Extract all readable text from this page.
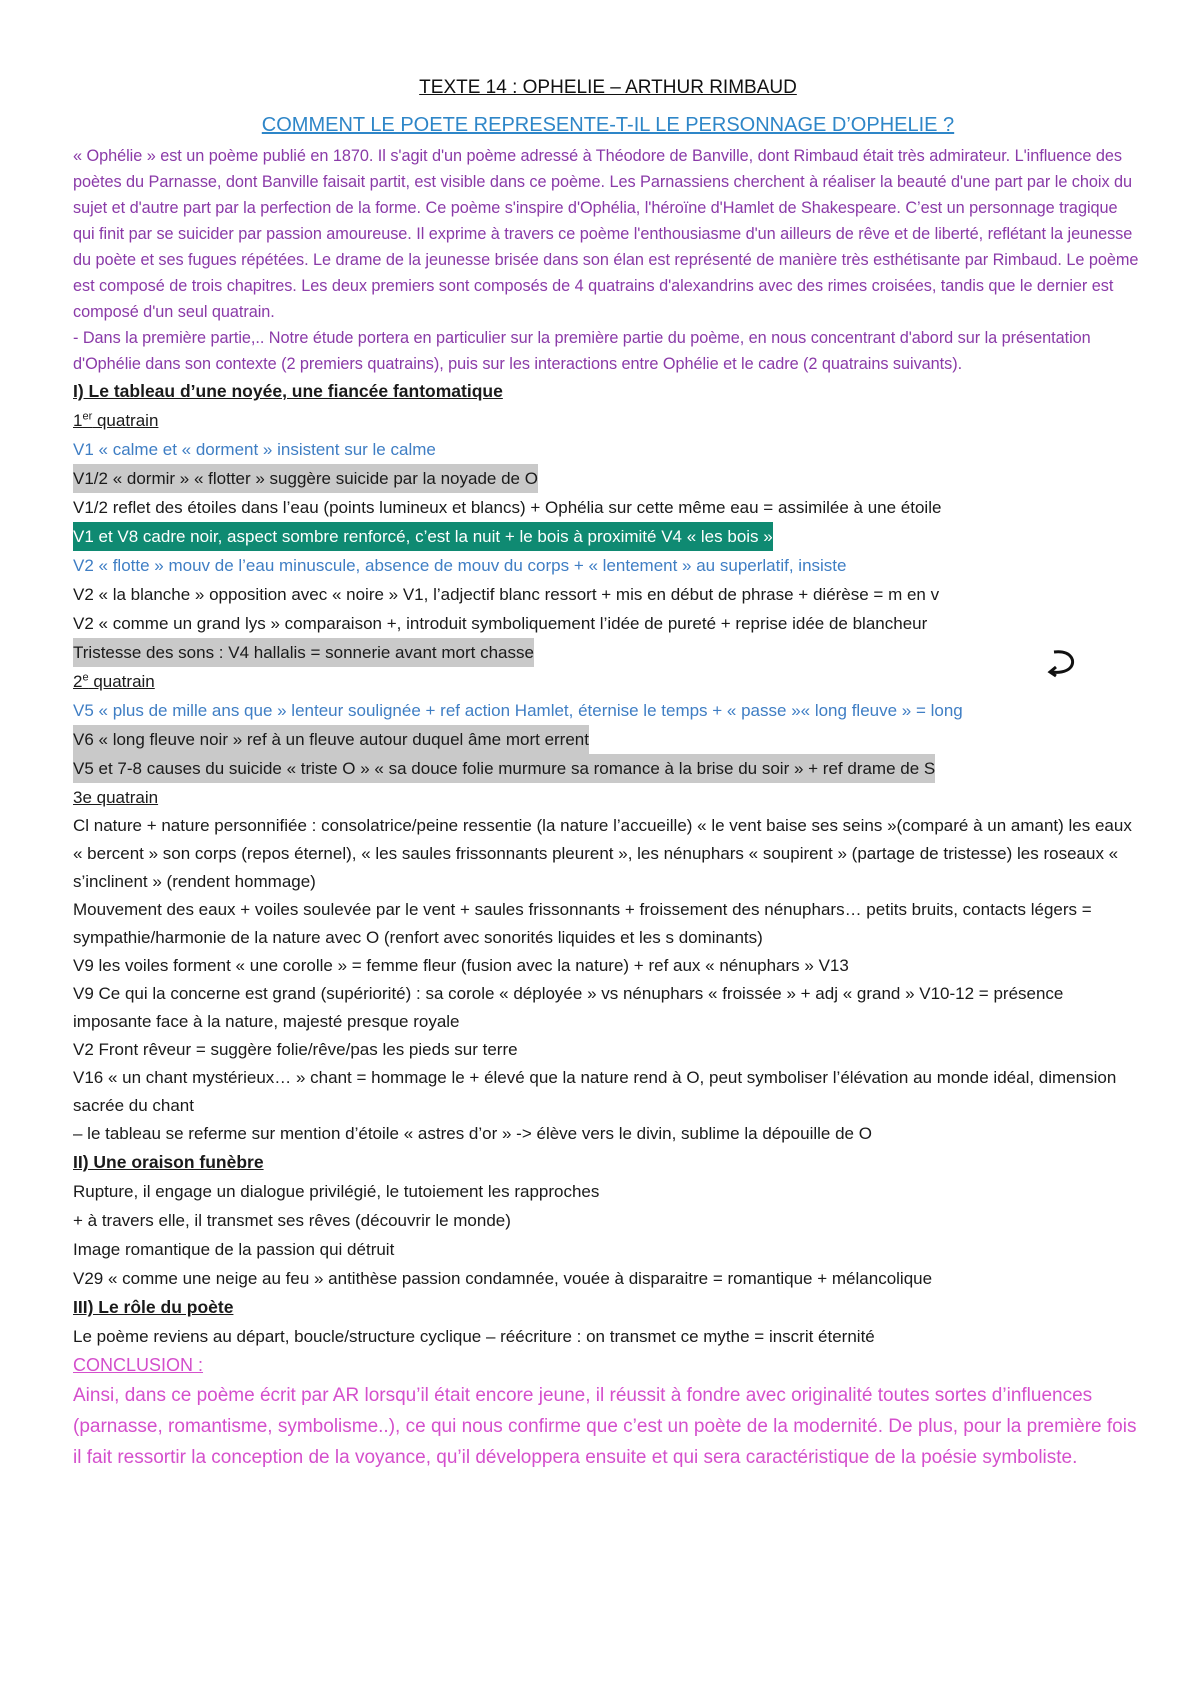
TEXTE 14 : OPHELIE – ARTHUR RIMBAUD
COMMENT LE POETE REPRESENTE-T-IL LE PERSONNAGE D’OPHELIE ?

« Ophélie » est un poème publié en 1870. Il s'agit d'un poème adressé à Théodore de Banville, dont Rimbaud était très admirateur. L'influence des poètes du Parnasse, dont Banville faisait partit, est visible dans ce poème. Les Parnassiens cherchent à réaliser la beauté d'une part par le choix du sujet et d'autre part par la perfection de la forme. Ce poème s'inspire d'Ophélia, l'héroïne d'Hamlet de Shakespeare. C’est un personnage tragique qui finit par se suicider par passion amoureuse. Il exprime à travers ce poème l'enthousiasme d'un ailleurs de rêve et de liberté, reflétant la jeunesse du poète et ses fugues répétées. Le drame de la jeunesse brisée dans son élan est représenté de manière très esthétisante par Rimbaud. Le poème est composé de trois chapitres. Les deux premiers sont composés de 4 quatrains d'alexandrins avec des rimes croisées, tandis que le dernier est composé d'un seul quatrain.

- Dans la première partie,.. Notre étude portera en particulier sur la première partie du poème, en nous concentrant d'abord sur la présentation d'Ophélie dans son contexte (2 premiers quatrains), puis sur les interactions entre Ophélie et le cadre (2 quatrains suivants).

I) Le tableau d’une noyée, une fiancée fantomatique
1er quatrain
V1 « calme et « dorment » insistent sur le calme
V1/2 « dormir » « flotter » suggère suicide par la noyade de O
V1/2 reflet des étoiles dans l’eau (points lumineux et blancs) + Ophélia sur cette même eau = assimilée à une étoile
V1 et V8 cadre noir, aspect sombre renforcé, c’est la nuit + le bois à proximité V4 « les bois »
V2 « flotte » mouv de l’eau minuscule, absence de mouv du corps + « lentement » au superlatif, insiste
V2 « la blanche » opposition avec « noire » V1, l’adjectif blanc ressort + mis en début de phrase + diérèse = m en v
V2 « comme un grand lys » comparaison +, introduit symboliquement l’idée de pureté + reprise idée de blancheur
Tristesse des sons : V4 hallalis = sonnerie avant mort chasse
2e quatrain
V5 « plus de mille ans que » lenteur soulignée + ref action Hamlet, éternise le temps + « passe »« long fleuve » = long
V6 « long fleuve noir » ref à un fleuve autour duquel âme mort errent
V5 et 7-8 causes du suicide « triste O » « sa douce folie murmure sa romance à la brise du soir » + ref drame de S
3e quatrain
Cl nature + nature personnifiée : consolatrice/peine ressentie (la nature l’accueille) « le vent baise ses seins »(comparé à un amant) les eaux « bercent » son corps (repos éternel), « les saules frissonnants pleurent », les nénuphars « soupirent » (partage de tristesse) les roseaux « s’inclinent » (rendent hommage)
Mouvement des eaux + voiles soulevée par le vent + saules frissonnants + froissement des nénuphars… petits bruits, contacts légers = sympathie/harmonie de la nature avec O (renfort avec sonorités liquides et les s dominants)
V9 les voiles forment « une corolle » = femme fleur (fusion avec la nature) + ref aux « nénuphars » V13
V9 Ce qui la concerne est grand (supériorité) : sa corole « déployée » vs nénuphars « froissée » + adj « grand » V10-12 = présence imposante face à la nature, majesté presque royale
V2 Front rêveur = suggère folie/rêve/pas les pieds sur terre
V16 « un chant mystérieux… » chant = hommage le + élevé que la nature rend à O, peut symboliser l’élévation au monde idéal, dimension sacrée du chant
– le tableau se referme sur mention d’étoile « astres d’or » -> élève vers le divin, sublime la dépouille de O
II) Une oraison funèbre
Rupture, il engage un dialogue privilégié, le tutoiement les rapproches
+ à travers elle, il transmet ses rêves (découvrir le monde)
Image romantique de la passion qui détruit
V29 « comme une neige au feu » antithèse passion condamnée, vouée à disparaitre = romantique + mélancolique
III) Le rôle du poète
Le poème reviens au départ, boucle/structure cyclique – réécriture : on transmet ce mythe = inscrit éternité
CONCLUSION :

Ainsi, dans ce poème écrit par AR lorsqu’il était encore jeune, il réussit à fondre avec originalité toutes sortes d’influences (parnasse, romantisme, symbolisme..), ce qui nous confirme que c’est un poète de la modernité. De plus, pour la première fois il fait ressortir la conception de la voyance, qu’il développera ensuite et qui sera caractéristique de la poésie symboliste.
